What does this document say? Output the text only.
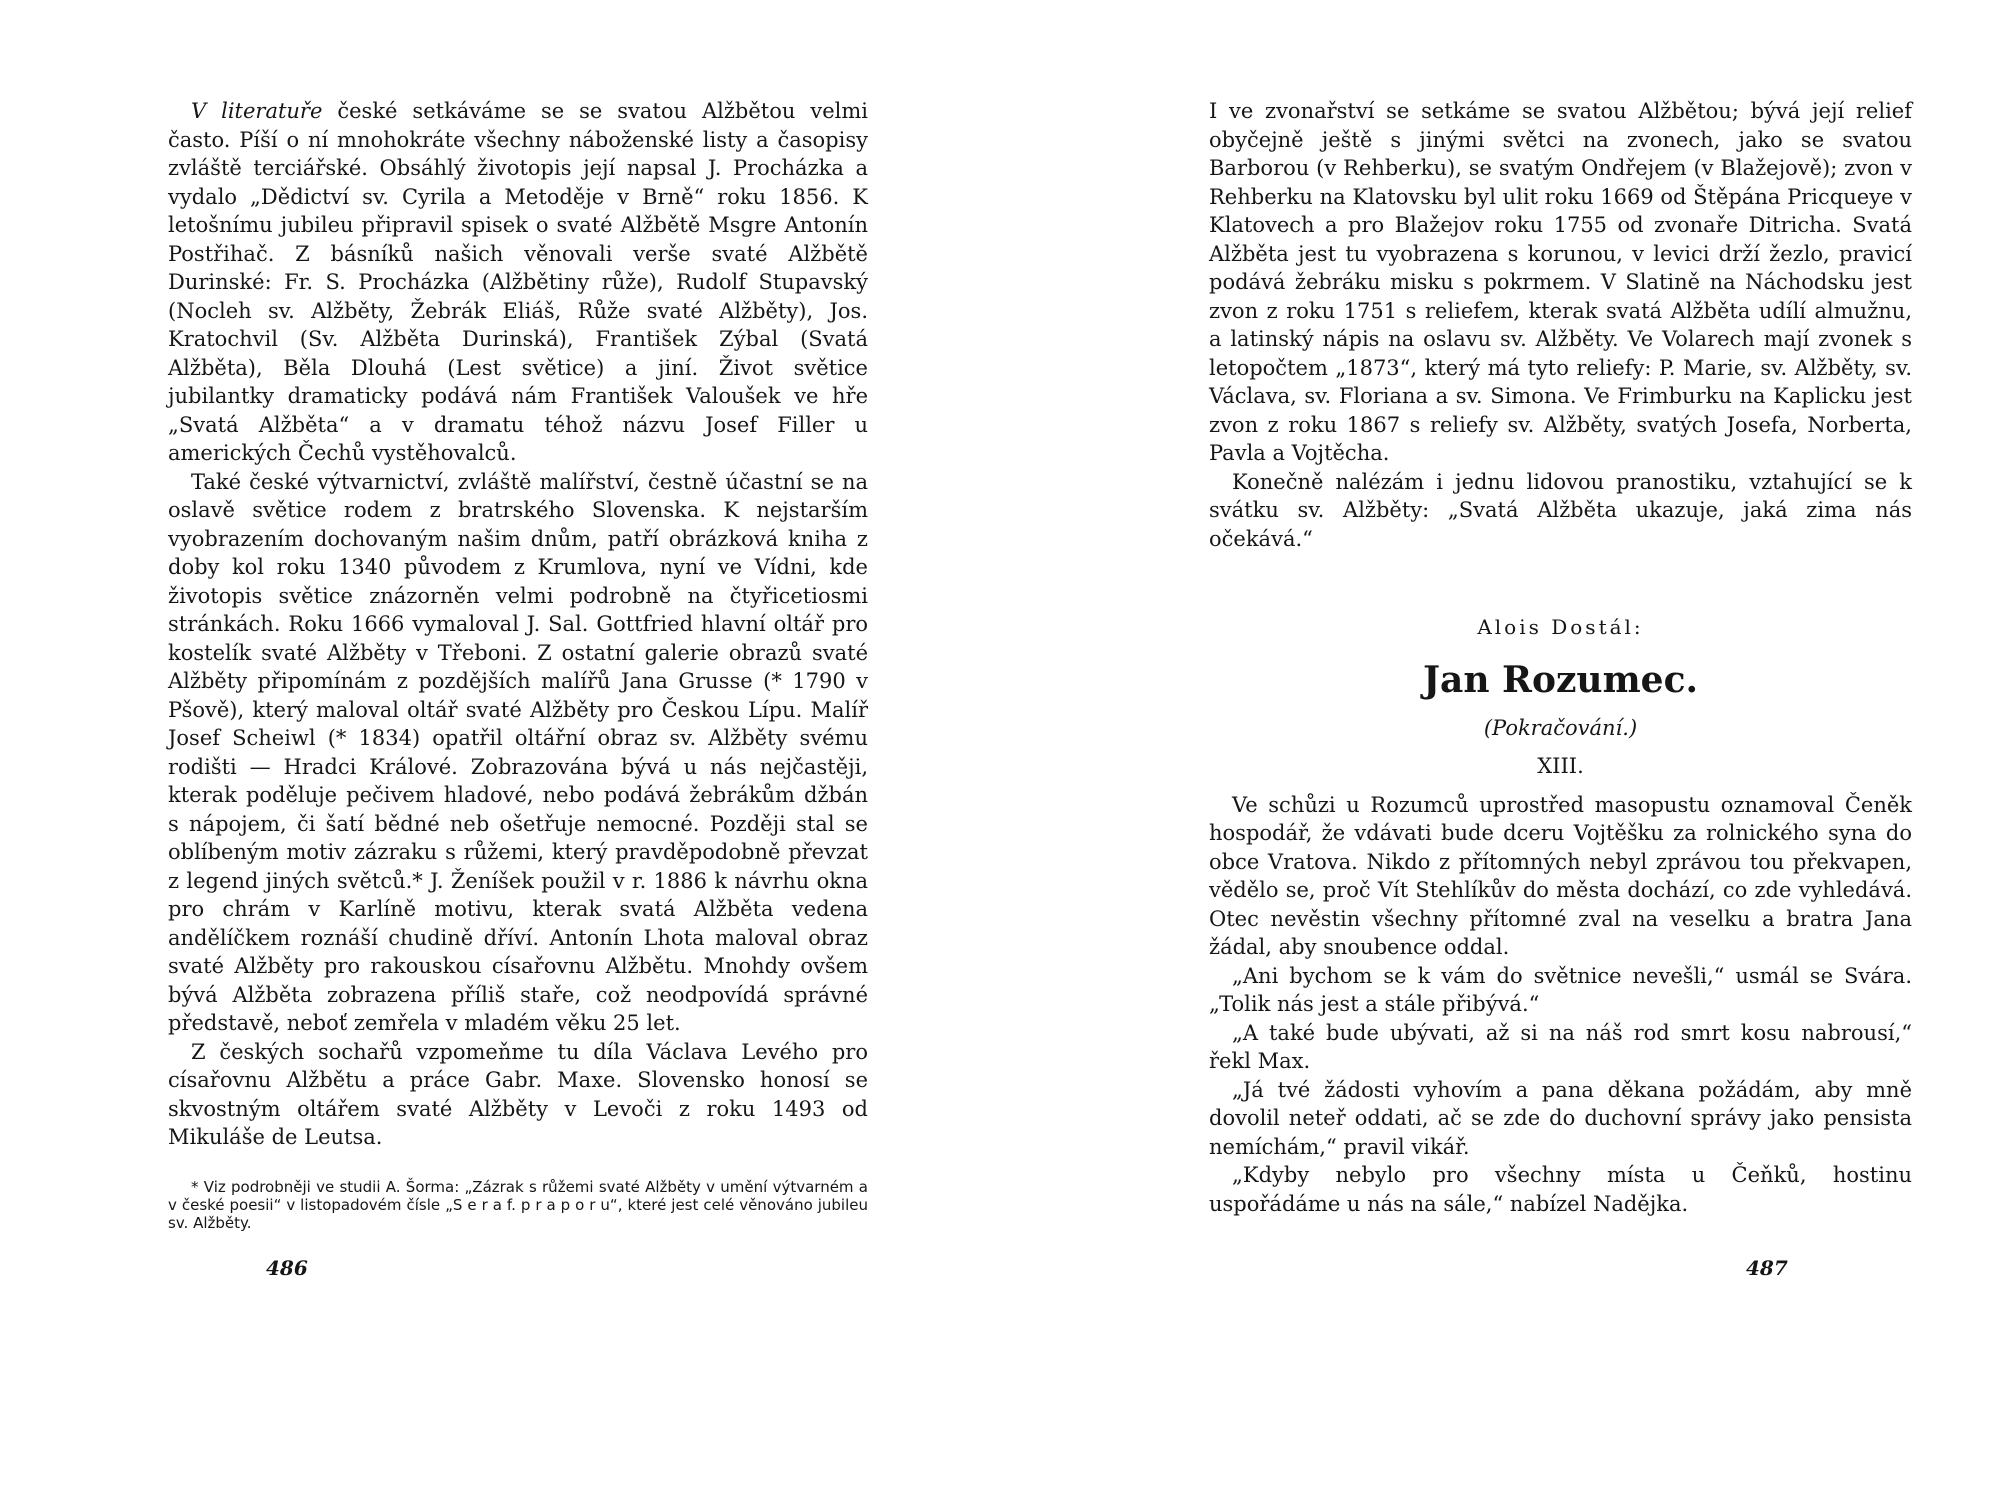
V literatuře české setkáváme se se svatou Alžbětou velmi často. Píší o ní mnohokráte všechny náboženské listy a časopisy zvláště terciářské. Obsáhlý životopis její napsal J. Procházka a vydalo „Dědictví sv. Cyrila a Metoděje v Brně“ roku 1856. K letošnímu jubileu připravil spisek o svaté Alžbětě Msgre Antonín Postřihač. Z básníků našich věnovali verše svaté Alžbětě Durinské: Fr. S. Procházka (Alžbětiny růže), Rudolf Stupavský (Nocleh sv. Alžběty, Žebrák Eliáš, Růže svaté Alžběty), Jos. Kratochvil (Sv. Alžběta Durinská), František Zýbal (Svatá Alžběta), Běla Dlouhá (Lest světice) a jiní. Život světice jubilantky dramaticky podává nám František Valoušek ve hře „Svatá Alžběta“ a v dramatu téhož názvu Josef Filler u amerických Čechů vystěhovalců.

Také české výtvarnictví, zvláště malířství, čestně účastní se na oslavě světice rodem z bratrského Slovenska. K nejstarším vyobrazením dochovaným našim dnům, patří obrázková kniha z doby kol roku 1340 původem z Krumlova, nyní ve Vídni, kde životopis světice znázorněn velmi podrobně na čtyřicetiosmi stránkách. Roku 1666 vymaloval J. Sal. Gottfried hlavní oltář pro kostelík svaté Alžběty v Třeboni. Z ostatní galerie obrazů svaté Alžběty připomínám z pozdějších malířů Jana Grusse (* 1790 v Pšově), který maloval oltář svaté Alžběty pro Českou Lípu. Malíř Josef Scheiwl (* 1834) opatřil oltářní obraz sv. Alžběty svému rodišti — Hradci Králové. Zobrazována bývá u nás nejčastěji, kterak poděluje pečivem hladové, nebo podává žebrákům džbán s nápojem, či šatí bědné neb ošetřuje nemocné. Později stal se oblíbeným motiv zázraku s růžemi, který pravděpodobně převzat z legend jiných světců.* J. Ženíšek použil v r. 1886 k návrhu okna pro chrám v Karlíně motivu, kterak svatá Alžběta vedena andělíčkem roznáší chudině dříví. Antonín Lhota maloval obraz svaté Alžběty pro rakouskou císařovnu Alžbětu. Mnohdy ovšem bývá Alžběta zobrazena příliš staře, což neodpovídá správné představě, neboť zemřela v mladém věku 25 let.

Z českých sochařů vzpomeňme tu díla Václava Levého pro císařovnu Alžbětu a práce Gabr. Maxe. Slovensko honosí se skvostným oltářem svaté Alžběty v Levoči z roku 1493 od Mikuláše de Leutsa.

* Viz podrobněji ve studii A. Šorma: „Zázrak s růžemi svaté Alžběty v umění výtvarném a v české poesii“ v listopadovém čísle „S e r a f. p r a p o r u“, které jest celé věnováno jubileu sv. Alžběty.
486

I ve zvonařství se setkáme se svatou Alžbětou; bývá její relief obyčejně ještě s jinými světci na zvonech, jako se svatou Barborou (v Rehberku), se svatým Ondřejem (v Blažejově); zvon v Rehberku na Klatovsku byl ulit roku 1669 od Štěpána Pricqueye v Klatovech a pro Blažejov roku 1755 od zvonaře Ditricha. Svatá Alžběta jest tu vyobrazena s korunou, v levici drží žezlo, pravicí podává žebráku misku s pokrmem. V Slatině na Náchodsku jest zvon z roku 1751 s reliefem, kterak svatá Alžběta udílí almužnu, a latinský nápis na oslavu sv. Alžběty. Ve Volarech mají zvonek s letopočtem „1873“, který má tyto reliefy: P. Marie, sv. Alžběty, sv. Václava, sv. Floriana a sv. Simona. Ve Frimburku na Kaplicku jest zvon z roku 1867 s reliefy sv. Alžběty, svatých Josefa, Norberta, Pavla a Vojtěcha.

Konečně nalézám i jednu lidovou pranostiku, vztahující se k svátku sv. Alžběty: „Svatá Alžběta ukazuje, jaká zima nás očekává.“

Alois Dostál:

Jan Rozumec.

(Pokračování.)

XIII.

Ve schůzi u Rozumců uprostřed masopustu oznamoval Čeněk hospodář, že vdávati bude dceru Vojtěšku za rolnického syna do obce Vratova. Nikdo z přítomných nebyl zprávou tou překvapen, vědělo se, proč Vít Stehlíkův do města dochází, co zde vyhledává. Otec nevěstin všechny přítomné zval na veselku a bratra Jana žádal, aby snoubence oddal.

„Ani bychom se k vám do světnice nevešli,“ usmál se Svára. „Tolik nás jest a stále přibývá.“

„A také bude ubývati, až si na náš rod smrt kosu nabrousí,“ řekl Max.

„Já tvé žádosti vyhovím a pana děkana požádám, aby mně dovolil neteř oddati, ač se zde do duchovní správy jako pensista nemíchám,“ pravil vikář.

„Kdyby nebylo pro všechny místa u Čeňků, hostinu uspořádáme u nás na sále,“ nabízel Nadějka.

487
